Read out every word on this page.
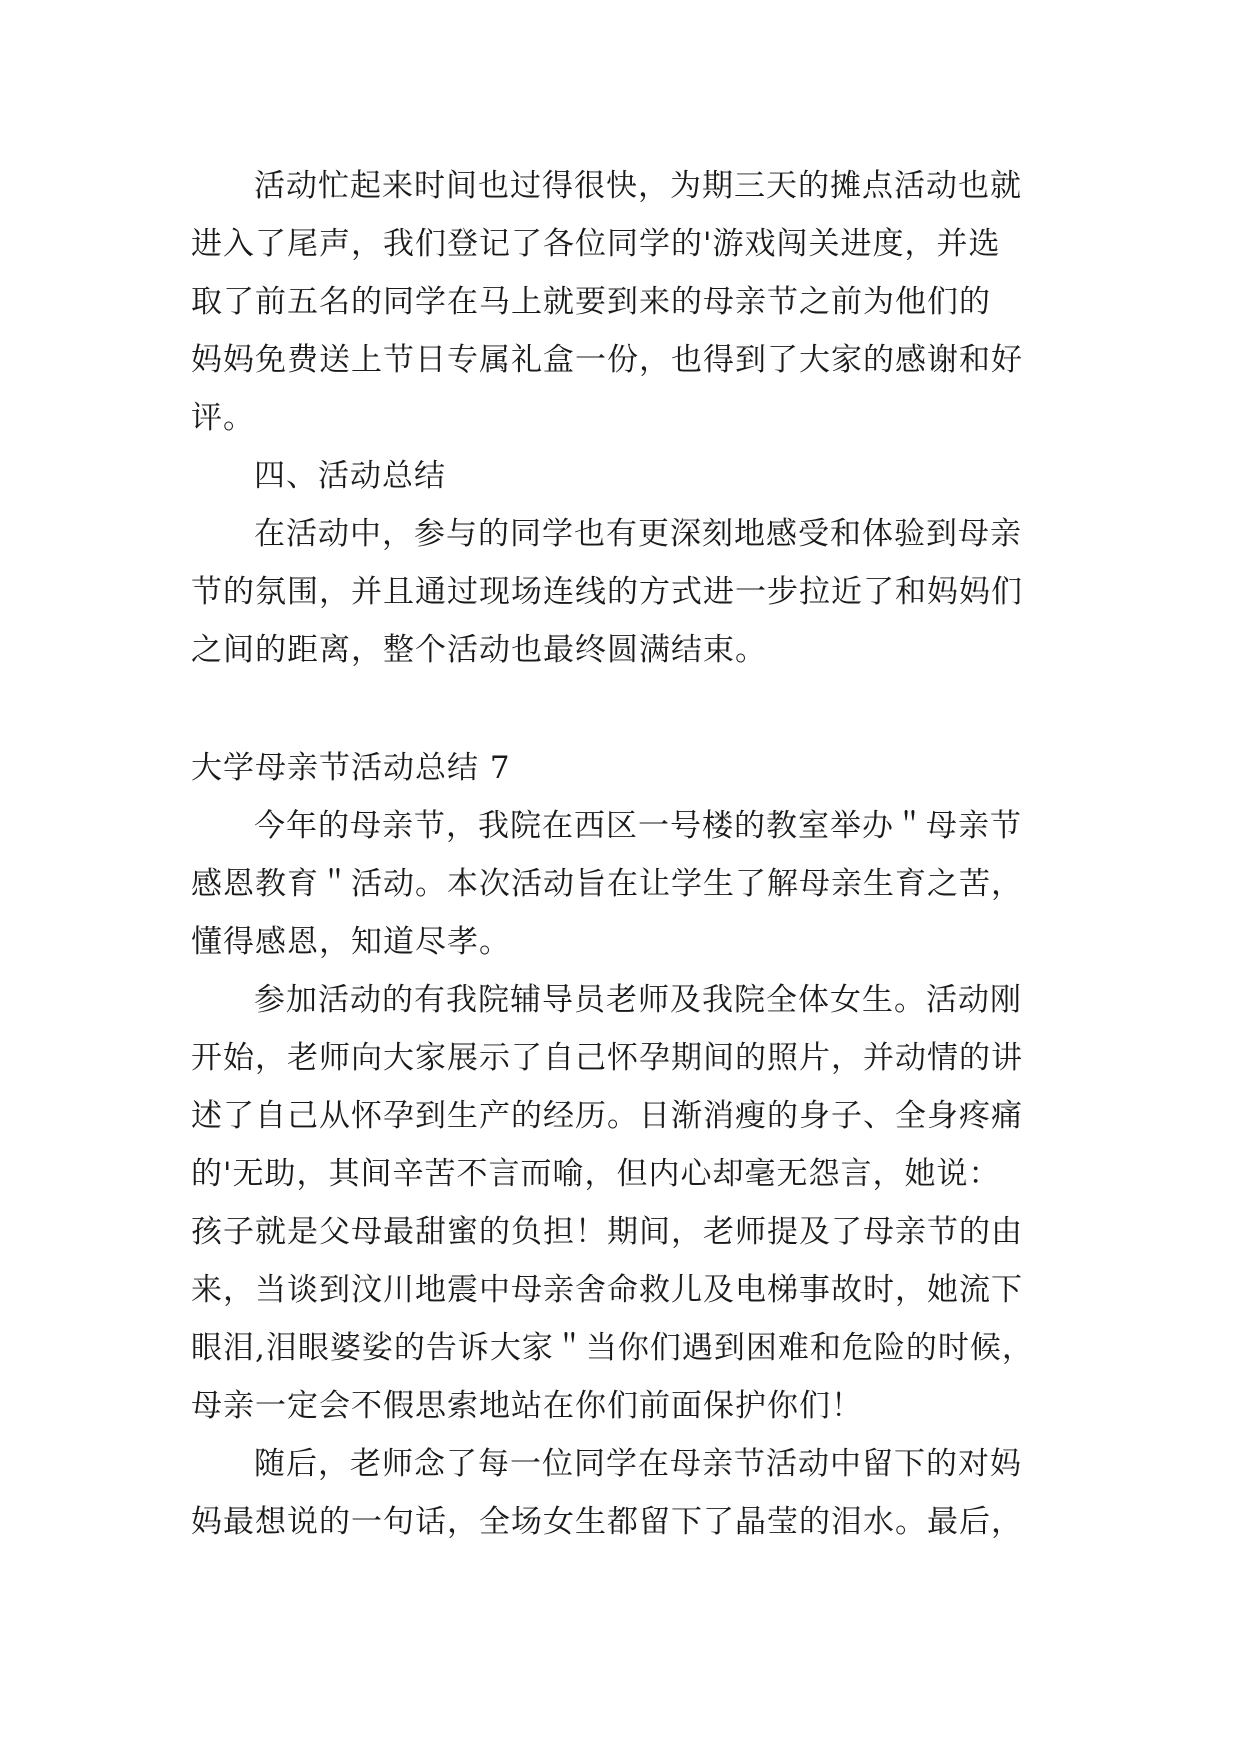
活动忙起来时间也过得很快，为期三天的摊点活动也就
进入了尾声，我们登记了各位同学的'游戏闯关进度，并选
取了前五名的同学在马上就要到来的母亲节之前为他们的
妈妈免费送上节日专属礼盒一份，也得到了大家的感谢和好
评。
四、活动总结
在活动中，参与的同学也有更深刻地感受和体验到母亲
节的氛围，并且通过现场连线的方式进一步拉近了和妈妈们
之间的距离，整个活动也最终圆满结束。
大学母亲节活动总结 7
今年的母亲节，我院在西区一号楼的教室举办＂母亲节
感恩教育＂活动。本次活动旨在让学生了解母亲生育之苦，
懂得感恩，知道尽孝。
参加活动的有我院辅导员老师及我院全体女生。活动刚
开始，老师向大家展示了自己怀孕期间的照片，并动情的讲
述了自己从怀孕到生产的经历。日渐消瘦的身子、全身疼痛
的'无助，其间辛苦不言而喻，但内心却毫无怨言，她说：
孩子就是父母最甜蜜的负担！期间，老师提及了母亲节的由
来，当谈到汶川地震中母亲舍命救儿及电梯事故时，她流下
眼泪,泪眼婆娑的告诉大家＂当你们遇到困难和危险的时候，
母亲一定会不假思索地站在你们前面保护你们！
随后，老师念了每一位同学在母亲节活动中留下的对妈
妈最想说的一句话，全场女生都留下了晶莹的泪水。最后，
